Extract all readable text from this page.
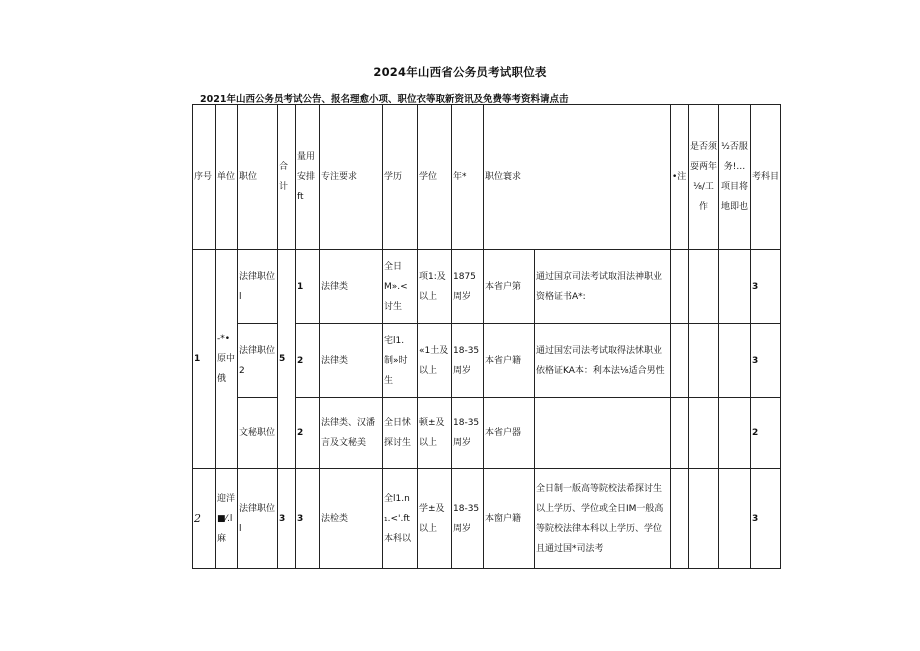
2024年山西省公务员考试职位表
2021年山西公务员考试公告、报名理愈小项、职位衣等取新资讯及免费等考资料请点击
序号	单位	职位	合计	量用安排ft	专注要求	学历	学位	年*	职位寰求		•注	是否须耍两年⅛/工作	½否服务!…项目将地即也	考科目
1	-*•原中俄	法律职位l	5	1	法律类	全日M».<讨生	项1:及以上	1875周岁	本省户第	通过国京司法考试取泪法神职业资格证书A*:				3
		法律职位2		2	法律类	宅l1.制»时生	«1土及以上	18-35周岁	本省户籍	通过国宏司法考试取得法怵职业依格证KA本：利本法⅛适合男性				3
		文秘职位		2	法律类、汉潘言及文秘美	全日怵探讨生	顿±及以上	18-35周岁	本省户器					2
2	迎洋■⁄.l麻	法律职位l	3	3	法检类	全l1.n₁.<'.ft本科以	学±及以上	18-35周岁	本窗户籍	全日制一版高等院校法希探讨生以上学历、学位或全日IM一般高等院校法律本科以上学历、学位且通过国*司法考				3
